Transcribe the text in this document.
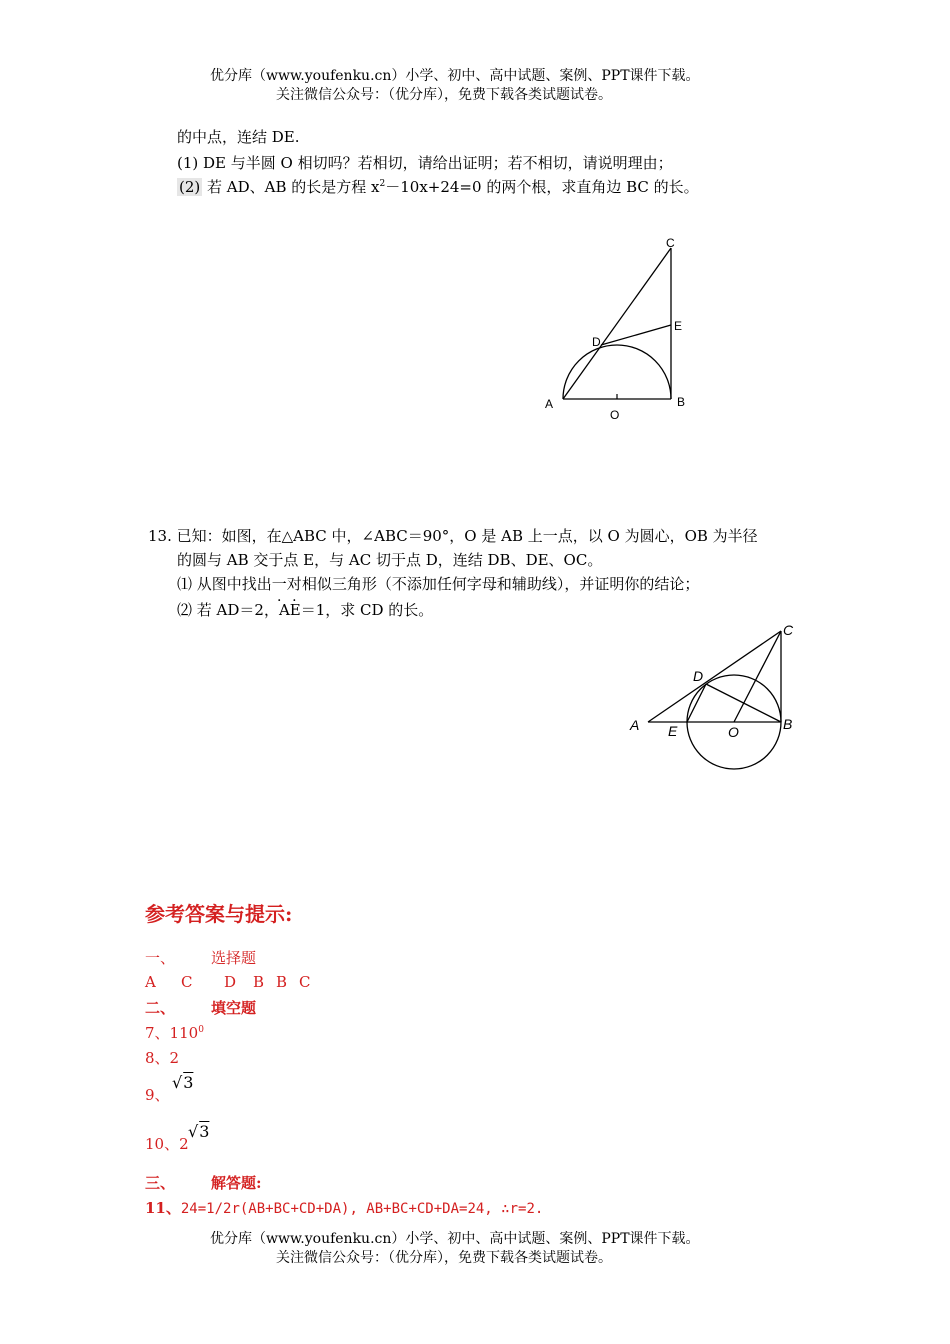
优分库（www.youfenku.cn）小学、初中、高中试题、案例、PPT课件下载。
关注微信公众号：（优分库），免费下载各类试题试卷。
的中点，连结 DE.
(1) DE 与半圆 O 相切吗？若相切，请给出证明；若不相切，请说明理由；
(2) 若 AD、AB 的长是方程 $x^2-10x+24=0$ 的两个根，求直角边 BC 的长。
C
E
D
A
O
B
13. 已知：如图，在△ABC 中，∠ABC＝90°，O 是 AB 上一点，以 O 为圆心，OB 为半径
的圆与 AB 交于点 E，与 AC 切于点 D，连结 DB、DE、OC。
⑴ 从图中找出一对相似三角形（不添加任何字母和辅助线），并证明你的结论；
⑵ 若 AD＝2，AE＝1，求 CD 的长。
C
D
A E	O	B
参考答案与提示:
一、 选择题
A C D B B C
二、 填空题
7、$110^0$
8、2
9、
√3
10、2
√3
三、 解答题:
11、24=1/2r(AB+BC+CD+DA), AB+BC+CD+DA=24, ∴r=2.
优分库（www.youfenku.cn）小学、初中、高中试题、案例、PPT课件下载。
关注微信公众号：（优分库），免费下载各类试题试卷。
